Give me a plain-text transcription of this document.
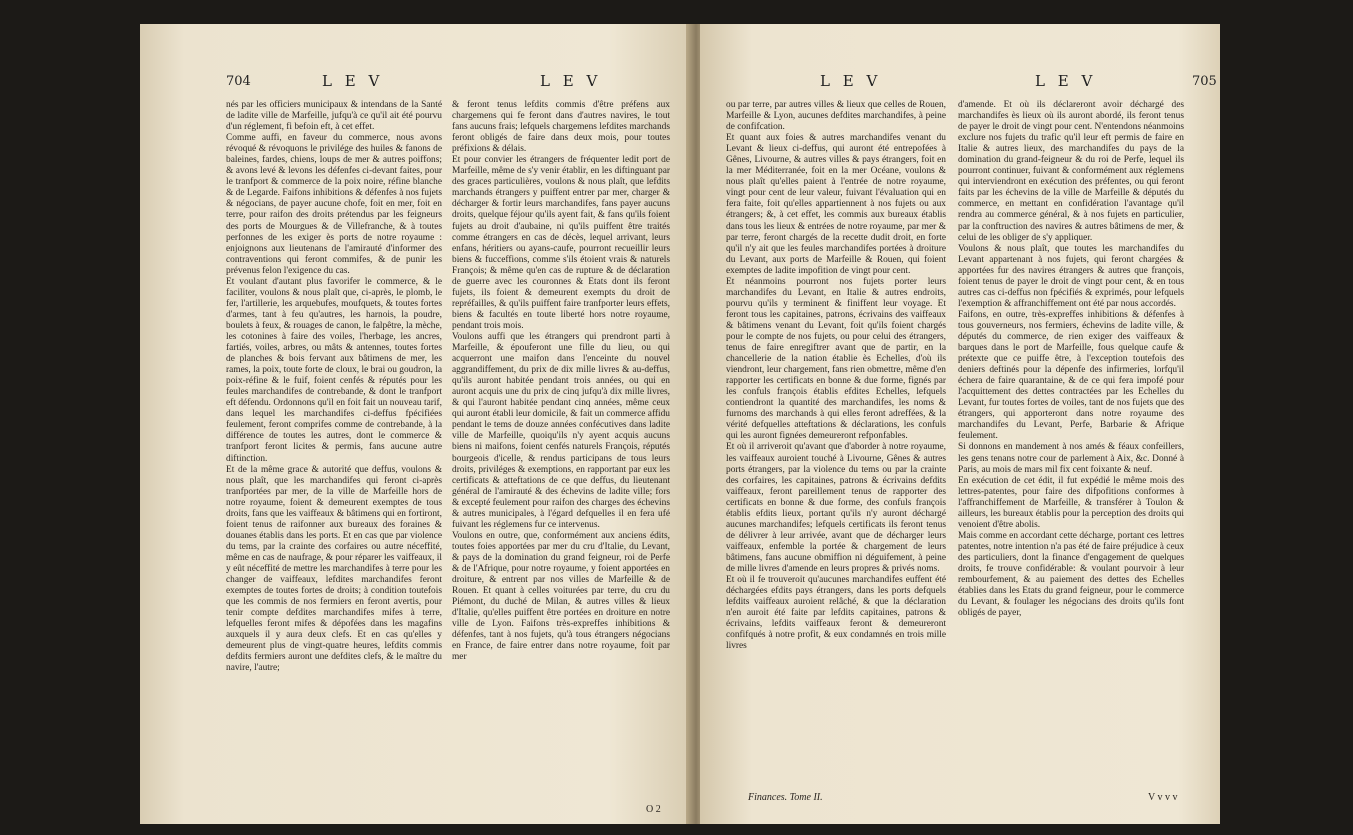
704	L E V	L E V
nés par les officiers municipaux & intendans de la Santé de ladite ville de Marfeille, jufqu'à ce qu'il ait été pourvu d'un réglement, fi befoin eft, à cet effet.
Comme auffi, en faveur du commerce, nous avons révoqué & révoquons le privilége des huiles & fanons de baleines, fardes, chiens, loups de mer & autres poiffons; & avons levé & levons les défenfes ci-devant faites, pour le tranfport & commerce de la poix noire, réfine blanche & de Legarde. Faifons inhibitions & défenfes à nos fujets & négocians, de payer aucune chofe, foit en mer, foit en terre, pour raifon des droits prétendus par les feigneurs des ports de Mourgues & de Villefranche, & à toutes perfonnes de les exiger ès ports de notre royaume : enjoignons aux lieutenans de l'amirauté d'informer des contraventions qui feront commifes, & de punir les prévenus felon l'exigence du cas.
Et voulant d'autant plus favorifer le commerce, & le faciliter, voulons & nous plaît que, ci-après, le plomb, le fer, l'artillerie, les arquebufes, moufquets, & toutes fortes d'armes, tant à feu qu'autres, les harnois, la poudre, boulets à feux, & rouages de canon, le falpêtre, la mèche, les cotonines à faire des voiles, l'herbage, les ancres, fartiés, voiles, arbres, ou mâts & antennes, toutes fortes de planches & bois fervant aux bâtimens de mer, les rames, la poix, toute forte de cloux, le brai ou goudron, la poix-réfine & le fuif, foient cenfés & réputés pour les feules marchandifes de contrebande, & dont le tranfport eft défendu. Ordonnons qu'il en foit fait un nouveau tarif, dans lequel les marchandifes ci-deffus fpécifiées feulement, feront comprifes comme de contrebande, à la différence de toutes les autres, dont le commerce & tranfport feront licites & permis, fans aucune autre diftinction.
Et de la même grace & autorité que deffus, voulons & nous plaît, que les marchandifes qui feront ci-après tranfportées par mer, de la ville de Marfeille hors de notre royaume, foient & demeurent exemptes de tous droits, fans que les vaiffeaux & bâtimens qui en fortiront, foient tenus de raifonner aux bureaux des foraines & douanes établis dans les ports. Et en cas que par violence du tems, par la crainte des corfaires ou autre néceffité, même en cas de naufrage, & pour réparer les vaiffeaux, il y eût néceffité de mettre les marchandifes à terre pour les changer de vaiffeaux, lefdites marchandifes feront exemptes de toutes fortes de droits; à condition toutefois que les commis de nos fermiers en feront avertis, pour tenir compte defdites marchandifes mifes à terre, lefquelles feront mifes & dépofées dans les magafins auxquels il y aura deux clefs. Et en cas qu'elles y demeurent plus de vingt-quatre heures, lefdits commis defdits fermiers auront une defdites clefs, & le maître du navire, l'autre;
& feront tenus lefdits commis d'être préfens aux chargemens qui fe feront dans d'autres navires, le tout fans aucuns frais; lefquels chargemens lefdites marchands feront obligés de faire dans deux mois, pour toutes préfixions & délais.
Et pour convier les étrangers de fréquenter ledit port de Marfeille, même de s'y venir établir, en les diftinguant par des graces particulières, voulons & nous plaît, que lefdits marchands étrangers y puiffent entrer par mer, charger & décharger & fortir leurs marchandifes, fans payer aucuns droits, quelque féjour qu'ils ayent fait, & fans qu'ils foient fujets au droit d'aubaine, ni qu'ils puiffent être traités comme étrangers en cas de décès, lequel arrivant, leurs enfans, héritiers ou ayans-caufe, pourront recueillir leurs biens & fucceffions, comme s'ils étoient vrais & naturels François; & même qu'en cas de rupture & de déclaration de guerre avec les couronnes & Etats dont ils feront fujets, ils foient & demeurent exempts du droit de repréfailles, & qu'ils puiffent faire tranfporter leurs effets, biens & facultés en toute liberté hors notre royaume, pendant trois mois.
Voulons auffi que les étrangers qui prendront parti à Marfeille, & épouferont une fille du lieu, ou qui acquerront une maifon dans l'enceinte du nouvel aggrandiffement, du prix de dix mille livres & au-deffus, qu'ils auront habitée pendant trois années, ou qui en auront acquis une du prix de cinq jufqu'à dix mille livres, & qui l'auront habitée pendant cinq années, même ceux qui auront établi leur domicile, & fait un commerce affidu pendant le tems de douze années confécutives dans ladite ville de Marfeille, quoiqu'ils n'y ayent acquis aucuns biens ni maifons, foient cenfés naturels François, réputés bourgeois d'icelle, & rendus participans de tous leurs droits, priviléges & exemptions, en rapportant par eux les certificats & atteftations de ce que deffus, du lieutenant général de l'amirauté & des échevins de ladite ville; fors & excepté feulement pour raifon des charges des échevins & autres municipales, à l'égard defquelles il en fera ufé fuivant les réglemens fur ce intervenus.
Voulons en outre, que, conformément aux anciens édits, toutes foies apportées par mer du cru d'Italie, du Levant, & pays de la domination du grand feigneur, roi de Perfe & de l'Afrique, pour notre royaume, y foient apportées en droiture, & entrent par nos villes de Marfeille & de Rouen. Et quant à celles voiturées par terre, du cru du Piémont, du duché de Milan, & autres villes & lieux d'Italie, qu'elles puiffent être portées en droiture en notre ville de Lyon. Faifons très-expreffes inhibitions & défenfes, tant à nos fujets, qu'à tous étrangers négocians en France, de faire entrer dans notre royaume, foit par mer
O 2
L E V	L E V	705
ou par terre, par autres villes & lieux que celles de Rouen, Marfeille & Lyon, aucunes defdites marchandifes, à peine de confifcation.
Et quant aux foies & autres marchandifes venant du Levant & lieux ci-deffus, qui auront été entrepofées à Gênes, Livourne, & autres villes & pays étrangers, foit en la mer Méditerranée, foit en la mer Océane, voulons & nous plaît qu'elles paient à l'entrée de notre royaume, vingt pour cent de leur valeur, fuivant l'évaluation qui en fera faite, foit qu'elles appartiennent à nos fujets ou aux étrangers; &, à cet effet, les commis aux bureaux établis dans tous les lieux & entrées de notre royaume, par mer & par terre, feront chargés de la recette dudit droit, en forte qu'il n'y ait que les feules marchandifes portées à droiture du Levant, aux ports de Marfeille & Rouen, qui foient exemptes de ladite impofition de vingt pour cent.
Et néanmoins pourront nos fujets porter leurs marchandifes du Levant, en Italie & autres endroits, pourvu qu'ils y terminent & finiffent leur voyage. Et feront tous les capitaines, patrons, écrivains des vaiffeaux & bâtimens venant du Levant, foit qu'ils foient chargés pour le compte de nos fujets, ou pour celui des étrangers, tenus de faire enregiftrer avant que de partir, en la chancellerie de la nation établie ès Echelles, d'où ils viendront, leur chargement, fans rien obmettre, même d'en rapporter les certificats en bonne & due forme, fignés par les confuls françois établis efdites Echelles, lefquels contiendront la quantité des marchandifes, les noms & furnoms des marchands à qui elles feront adreffées, & la vérité defquelles atteftations & déclarations, les confuls qui les auront fignées demeureront refponfables.
Et où il arriveroit qu'avant que d'aborder à notre royaume, les vaiffeaux auroient touché à Livourne, Gênes & autres ports étrangers, par la violence du tems ou par la crainte des corfaires, les capitaines, patrons & écrivains defdits vaiffeaux, feront pareillement tenus de rapporter des certificats en bonne & due forme, des confuls françois établis efdits lieux, portant qu'ils n'y auront déchargé aucunes marchandifes; lefquels certificats ils feront tenus de délivrer à leur arrivée, avant que de décharger leurs vaiffeaux, enfemble la portée & chargement de leurs bâtimens, fans aucune obmiffion ni déguifement, à peine de mille livres d'amende en leurs propres & privés noms.
Et où il fe trouveroit qu'aucunes marchandifes euffent été déchargées efdits pays étrangers, dans les ports defquels lefdits vaiffeaux auroient relâché, & que la déclaration n'en auroit été faite par lefdits capitaines, patrons & écrivains, lefdits vaiffeaux feront & demeureront confifqués à notre profit, & eux condamnés en trois mille livres
d'amende. Et où ils déclareront avoir déchargé des marchandifes ès lieux où ils auront abordé, ils feront tenus de payer le droit de vingt pour cent. N'entendons néanmoins exclure nos fujets du trafic qu'il leur eft permis de faire en Italie & autres lieux, des marchandifes du pays de la domination du grand-feigneur & du roi de Perfe, lequel ils pourront continuer, fuivant & conformément aux réglemens qui interviendront en exécution des préfentes, ou qui feront faits par les échevins de la ville de Marfeille & députés du commerce, en mettant en confidération l'avantage qu'il rendra au commerce général, & à nos fujets en particulier, par la conftruction des navires & autres bâtimens de mer, & celui de les obliger de s'y appliquer.
Voulons & nous plaît, que toutes les marchandifes du Levant appartenant à nos fujets, qui feront chargées & apportées fur des navires étrangers & autres que françois, foient tenus de payer le droit de vingt pour cent, & en tous autres cas ci-deffus non fpécifiés & exprimés, pour lefquels l'exemption & affranchiffement ont été par nous accordés.
Faifons, en outre, très-expreffes inhibitions & défenfes à tous gouverneurs, nos fermiers, échevins de ladite ville, & députés du commerce, de rien exiger des vaiffeaux & barques dans le port de Marfeille, fous quelque caufe & prétexte que ce puiffe être, à l'exception toutefois des deniers deftinés pour la dépenfe des infirmeries, lorfqu'il échera de faire quarantaine, & de ce qui fera impofé pour l'acquittement des dettes contractées par les Echelles du Levant, fur toutes fortes de voiles, tant de nos fujets que des étrangers, qui apporteront dans notre royaume des marchandifes du Levant, Perfe, Barbarie & Afrique feulement.
Si donnons en mandement à nos amés & féaux confeillers, les gens tenans notre cour de parlement à Aix, &c. Donné à Paris, au mois de mars mil fix cent foixante & neuf.
En exécution de cet édit, il fut expédié le même mois des lettres-patentes, pour faire des difpofitions conformes à l'affranchiffement de Marfeille, & transférer à Toulon & ailleurs, les bureaux établis pour la perception des droits qui venoient d'être abolis.
Mais comme en accordant cette décharge, portant ces lettres patentes, notre intention n'a pas été de faire préjudice à ceux des particuliers, dont la finance d'engagement de quelques droits, fe trouve confidérable: & voulant pourvoir à leur rembourfement, & au paiement des dettes des Echelles établies dans les Etats du grand feigneur, pour le commerce du Levant, & foulager les négocians des droits qu'ils font obligés de payer,
Finances. Tome II.	V v v v
